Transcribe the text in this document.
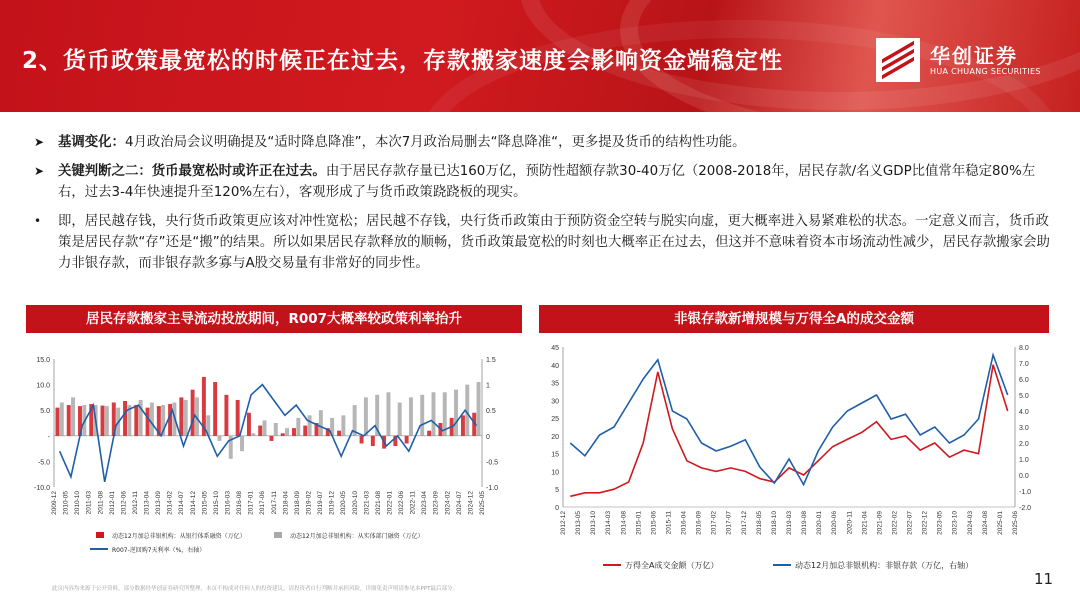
2、货币政策最宽松的时候正在过去，存款搬家速度会影响资金端稳定性	华创证券
HUA CHUANG SECURITIES
➤ 基调变化：4月政治局会议明确提及“适时降息降准”，本次7月政治局删去“降息降准“，更多提及货币的结构性功能。
➤ 关键判断之二：货币最宽松时或许正在过去。由于居民存款存量已达160万亿，预防性超额存款30-40万亿（2008-2018年，居民存款/名义GDP比值常年稳定80%左右，过去3-4年快速提升至120%左右），客观形成了与货币政策跷跷板的现实。
• 即，居民越存钱，央行货币政策更应该对冲性宽松；居民越不存钱，央行货币政策由于预防资金空转与脱实向虚，更大概率进入易紧难松的状态。一定意义而言，货币政策是居民存款“存”还是“搬”的结果。所以如果居民存款释放的顺畅，货币政策最宽松的时刻也大概率正在过去，但这并不意味着资本市场流动性减少，居民存款搬家会助力非银存款，而非银存款多寡与A股交易量有非常好的同步性。
居民存款搬家主导流动投放期间，R007大概率较政策利率抬升
15.0
10.0
5.0
-
-5.0
-10.0
1.5
1
0.5
0
-0.5
-1.0
2009-12 2010-05 2010-10 2011-03 2011-08 2012-01 2012-06 2012-11 2013-04 2013-09 2014-02 2014-07 2014-12 2015-05 2015-10 2016-03 2016-08 2017-01 2017-06 2017-11 2018-04 2018-09 2019-02 2019-07 2019-12 2020-05 2020-10 2021-03 2021-08 2022-01 2022-06 2022-11 2023-04 2023-09 2024-02 2024-07 2024-12 2025-05
动态12月加总非银机构：从银行体系融资（万亿）	动态12月加总非银机构：从实体部门融资（万亿）
R007-逆回购7天利率（%，右轴）
非银存款新增规模与万得全A的成交金额
45
40
35
30
25
20
15
10
5
0
8.0
7.0
6.0
5.0
4.0
3.0
2.0
1.0
0.0
-1.0
-2.0
2012-12 2013-05 2013-10 2014-03 2014-08 2015-01 2015-06 2015-11 2016-04 2016-09 2017-02 2017-07 2017-12 2018-05 2018-10 2019-03 2019-08 2020-01 2020-06 2020-11 2021-04 2021-09 2022-02 2022-07 2022-12 2023-05 2023-10 2024-03 2024-08 2025-01 2025-06
万得全A成交金额（万亿）	动态12月加总非银机构：非银存款（万亿，右轴）
此页内容均来源于公开资料，部分数据经华创证券研究所整理，本页不构成对任何人的投资建议，请投资者自行判断并承担风险，详细免责声明请参见本PPT最后部分。
11
